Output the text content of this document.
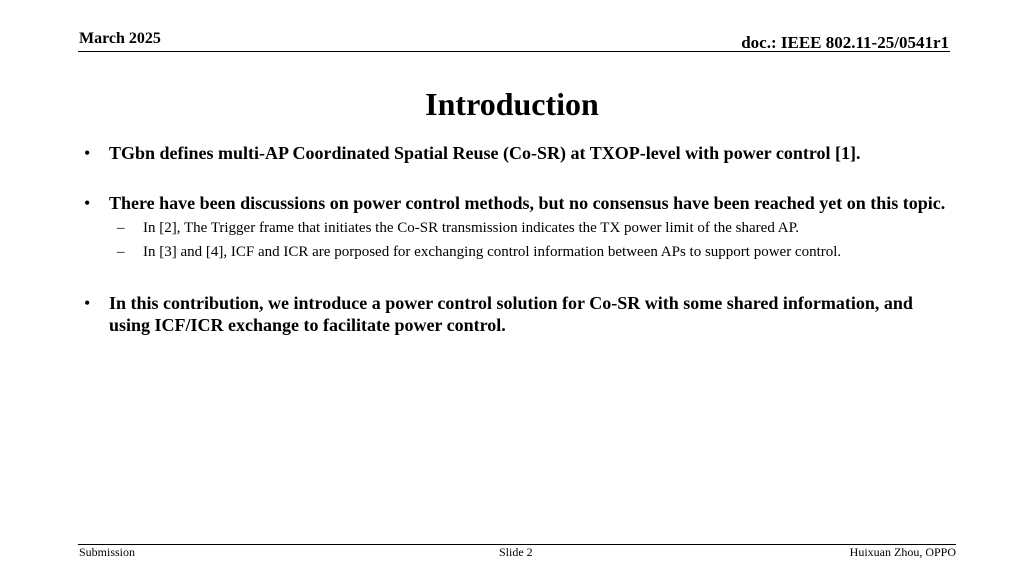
March 2025	doc.: IEEE 802.11-25/0541r1
Introduction
• TGbn defines multi-AP Coordinated Spatial Reuse (Co-SR) at TXOP-level with power control [1].
• There have been discussions on power control methods, but no consensus have been reached yet on this topic.
– In [2], The Trigger frame that initiates the Co-SR transmission indicates the TX power limit of the shared AP.
– In [3] and [4], ICF and ICR are porposed for exchanging control information between APs to support power control.
• In this contribution, we introduce a power control solution for Co-SR with some shared information, and using ICF/ICR exchange to facilitate power control.
Submission	Slide 2	Huixuan Zhou, OPPO
